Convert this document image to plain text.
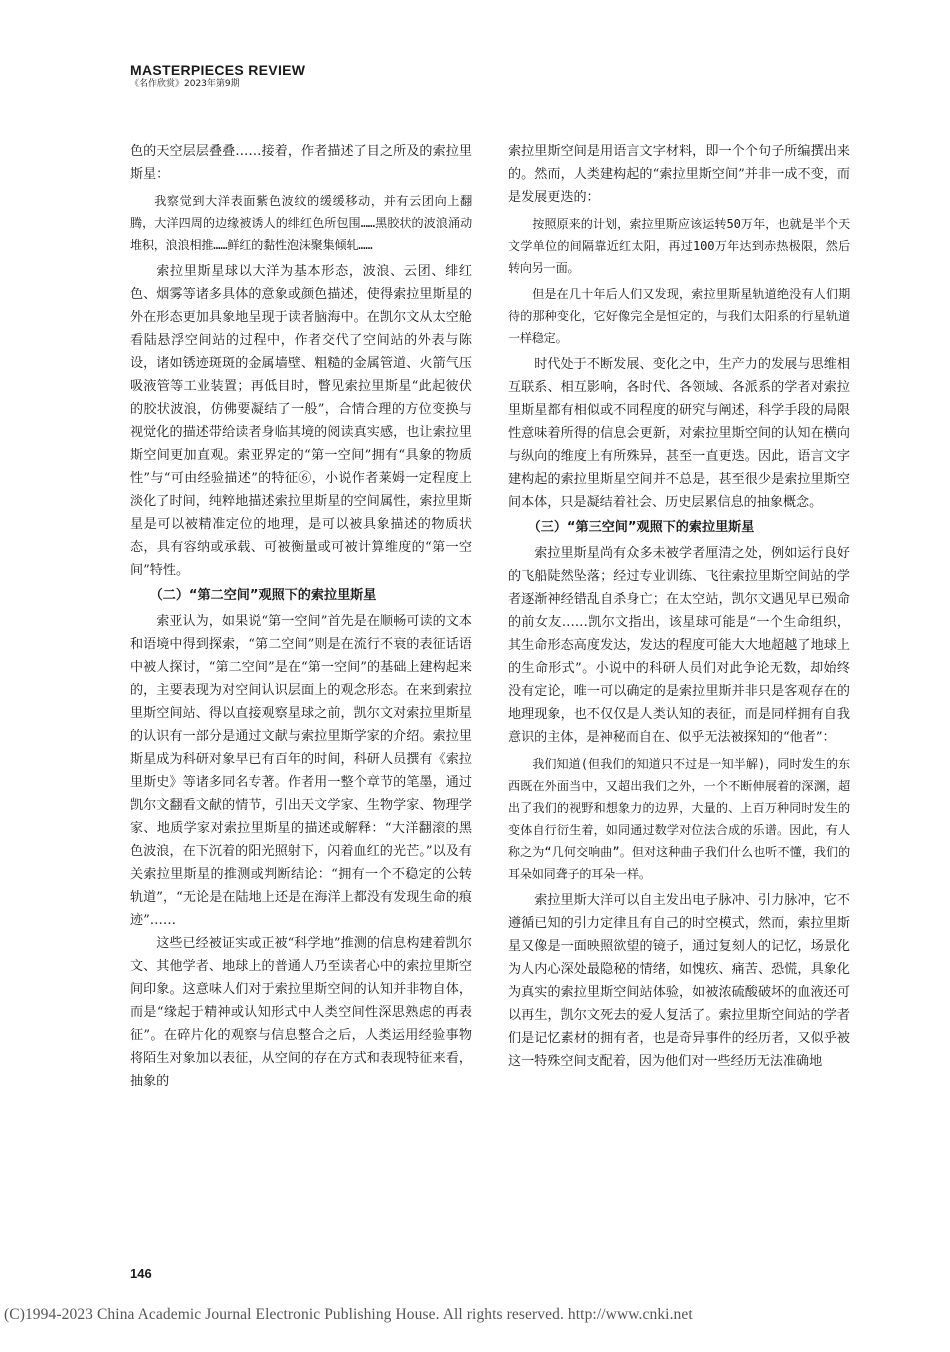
MASTERPIECES REVIEW
《名作欣赏》2023年第9期

色的天空层层叠叠……接着，作者描述了目之所及的索拉里斯星：

我察觉到大洋表面紫色波纹的缓缓移动，并有云团向上翻腾，大洋四周的边缘被诱人的绯红色所包围……黑胶状的波浪涌动堆积，浪浪相推……鲜红的黏性泡沫聚集倾轧……

索拉里斯星球以大洋为基本形态，波浪、云团、绯红色、烟雾等诸多具体的意象或颜色描述，使得索拉里斯星的外在形态更加具象地呈现于读者脑海中。在凯尔文从太空舱看陆悬浮空间站的过程中，作者交代了空间站的外表与陈设，诸如锈迹斑斑的金属墙壁、粗糙的金属管道、火箭气压吸液管等工业装置；再低目时，瞥见索拉里斯星“此起彼伏的胶状波浪，仿佛要凝结了一般”，合情合理的方位变换与视觉化的描述带给读者身临其境的阅读真实感，也让索拉里斯空间更加直观。索亚界定的“第一空间”拥有“具象的物质性”与“可由经验描述”的特征⑥，小说作者莱姆一定程度上淡化了时间，纯粹地描述索拉里斯星的空间属性，索拉里斯星是可以被精准定位的地理，是可以被具象描述的物质状态，具有容纳或承载、可被衡量或可被计算维度的“第一空间”特性。

（二）“第二空间”观照下的索拉里斯星

索亚认为，如果说“第一空间”首先是在顺畅可读的文本和语境中得到探索，“第二空间”则是在流行不衰的表征话语中被人探讨，“第二空间”是在“第一空间”的基础上建构起来的，主要表现为对空间认识层面上的观念形态。在来到索拉里斯空间站、得以直接观察星球之前，凯尔文对索拉里斯星的认识有一部分是通过文献与索拉里斯学家的介绍。索拉里斯星成为科研对象早已有百年的时间，科研人员撰有《索拉里斯史》等诸多同名专著。作者用一整个章节的笔墨，通过凯尔文翻看文献的情节，引出天文学家、生物学家、物理学家、地质学家对索拉里斯星的描述或解释：“大洋翻滚的黑色波浪，在下沉着的阳光照射下，闪着血红的光芒。”以及有关索拉里斯星的推测或判断结论：“拥有一个不稳定的公转轨道”，“无论是在陆地上还是在海洋上都没有发现生命的痕迹”……

这些已经被证实或正被“科学地”推测的信息构建着凯尔文、其他学者、地球上的普通人乃至读者心中的索拉里斯空间印象。这意味人们对于索拉里斯空间的认知并非物自体，而是“缘起于精神或认知形式中人类空间性深思熟虑的再表征”。在碎片化的观察与信息整合之后，人类运用经验事物将陌生对象加以表征，从空间的存在方式和表现特征来看，抽象的

索拉里斯空间是用语言文字材料，即一个个句子所编撰出来的。然而，人类建构起的“索拉里斯空间”并非一成不变，而是发展更迭的：

按照原来的计划，索拉里斯应该运转50万年，也就是半个天文学单位的间隔靠近红太阳，再过100万年达到赤热极限，然后转向另一面。

但是在几十年后人们又发现，索拉里斯星轨道绝没有人们期待的那种变化，它好像完全是恒定的，与我们太阳系的行星轨道一样稳定。

时代处于不断发展、变化之中，生产力的发展与思维相互联系、相互影响，各时代、各领域、各派系的学者对索拉里斯星都有相似或不同程度的研究与阐述，科学手段的局限性意味着所得的信息会更新，对索拉里斯空间的认知在横向与纵向的维度上有所殊异，甚至一直更迭。因此，语言文字建构起的索拉里斯星空间并不总是，甚至很少是索拉里斯空间本体，只是凝结着社会、历史层累信息的抽象概念。

（三）“第三空间”观照下的索拉里斯星

索拉里斯星尚有众多未被学者厘清之处，例如运行良好的飞船陡然坠落；经过专业训练、飞往索拉里斯空间站的学者逐渐神经错乱自杀身亡；在太空站，凯尔文遇见早已殒命的前女友……凯尔文指出，该星球可能是“一个生命组织，其生命形态高度发达，发达的程度可能大大地超越了地球上的生命形式”。小说中的科研人员们对此争论无数，却始终没有定论，唯一可以确定的是索拉里斯并非只是客观存在的地理现象，也不仅仅是人类认知的表征，而是同样拥有自我意识的主体，是神秘而自在、似乎无法被探知的“他者”：

我们知道(但我们的知道只不过是一知半解)，同时发生的东西既在外面当中，又超出我们之外，一个不断伸展着的深渊，超出了我们的视野和想象力的边界，大量的、上百万种同时发生的变体自行衍生着，如同通过数学对位法合成的乐谱。因此，有人称之为“几何交响曲”。但对这种曲子我们什么也听不懂，我们的耳朵如同聋子的耳朵一样。

索拉里斯大洋可以自主发出电子脉冲、引力脉冲，它不遵循已知的引力定律且有自己的时空模式，然而，索拉里斯星又像是一面映照欲望的镜子，通过复刻人的记忆，场景化为人内心深处最隐秘的情绪，如愧疚、痛苦、恐慌，具象化为真实的索拉里斯空间站体验，如被浓硫酸破坏的血液还可以再生，凯尔文死去的爱人复活了。索拉里斯空间站的学者们是记忆素材的拥有者，也是奇异事件的经历者，又似乎被这一特殊空间支配着，因为他们对一些经历无法准确地

146
(C)1994-2023 China Academic Journal Electronic Publishing House. All rights reserved. http://www.cnki.net
